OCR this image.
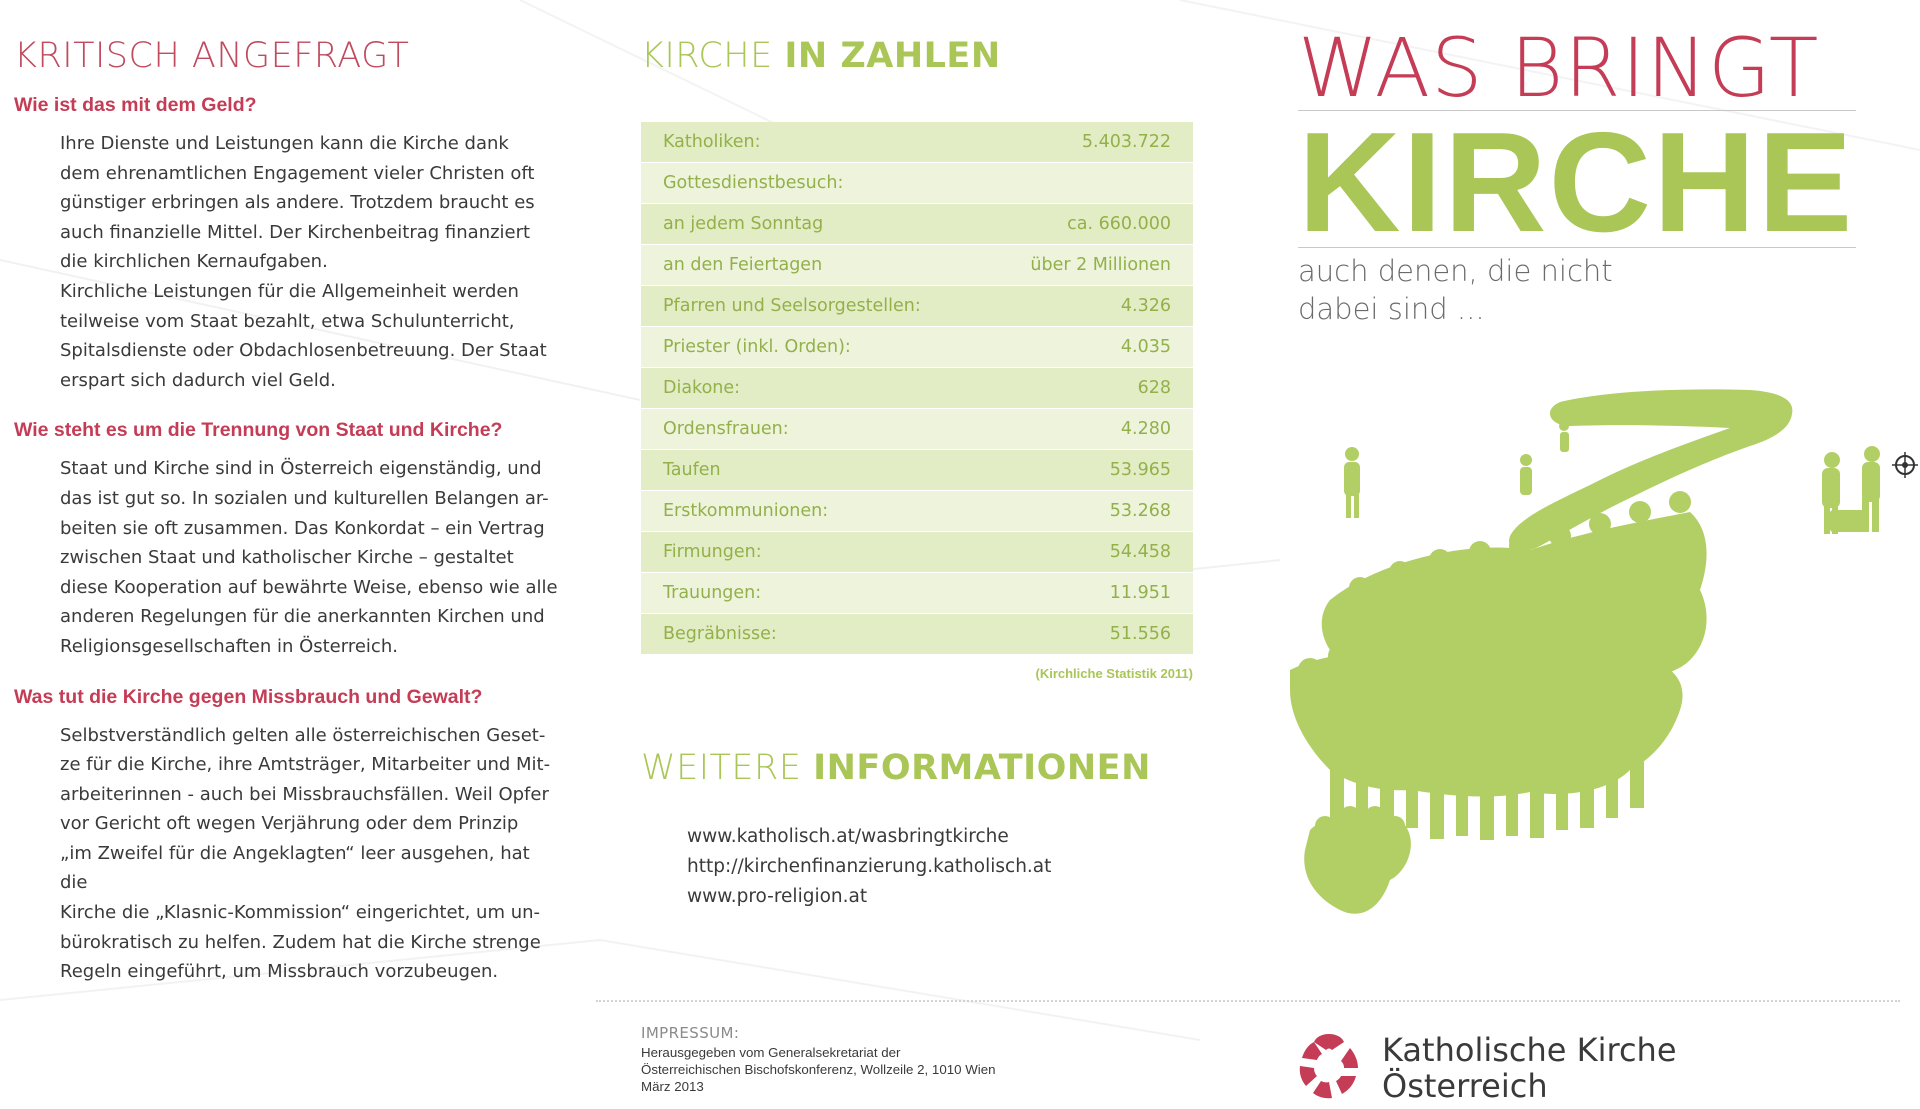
KRITISCH ANGEFRAGT
Wie ist das mit dem Geld?

Ihre Dienste und Leistungen kann die Kirche dank

dem ehrenamtlichen Engagement vieler Christen oft

günstiger erbringen als andere. Trotzdem braucht es

auch finanzielle Mittel. Der Kirchenbeitrag finanziert

die kirchlichen Kernaufgaben.

Kirchliche Leistungen für die Allgemeinheit werden

teilweise vom Staat bezahlt, etwa Schulunterricht,

Spitalsdienste oder Obdachlosenbetreuung. Der Staat

erspart sich dadurch viel Geld.

Wie steht es um die Trennung von Staat und Kirche?

Staat und Kirche sind in Österreich eigenständig, und

das ist gut so. In sozialen und kulturellen Belangen ar-

beiten sie oft zusammen. Das Konkordat – ein Vertrag

zwischen Staat und katholischer Kirche – gestaltet

diese Kooperation auf bewährte Weise, ebenso wie alle

anderen Regelungen für die anerkannten Kirchen und

Religionsgesellschaften in Österreich.

Was tut die Kirche gegen Missbrauch und Gewalt?

Selbstverständlich gelten alle österreichischen Geset-

ze für die Kirche, ihre Amtsträger, Mitarbeiter und Mit-

arbeiterinnen - auch bei Missbrauchsfällen. Weil Opfer

vor Gericht oft wegen Verjährung oder dem Prinzip

„im Zweifel für die Angeklagten“ leer ausgehen, hat die

Kirche die „Klasnic-Kommission“ eingerichtet, um un-

bürokratisch zu helfen. Zudem hat die Kirche strenge

Regeln eingeführt, um Missbrauch vorzubeugen.

KIRCHE IN ZAHLEN
Katholiken:	5.403.722
Gottesdienstbesuch:	
an jedem Sonntag	ca. 660.000
an den Feiertagen	über 2 Millionen
Pfarren und Seelsorgestellen:	4.326
Priester (inkl. Orden):	4.035
Diakone:	628
Ordensfrauen:	4.280
Taufen	53.965
Erstkommunionen:	53.268
Firmungen:	54.458
Trauungen:	11.951
Begräbnisse:	51.556
(Kirchliche Statistik 2011)
WEITERE INFORMATIONEN
www.katholisch.at/wasbringtkirche
http://kirchenfinanzierung.katholisch.at
www.pro-religion.at
IMPRESSUM:
Herausgegeben vom Generalsekretariat der
Österreichischen Bischofskonferenz, Wollzeile 2, 1010 Wien
März 2013
WAS BRINGT
KIRCHE
auch denen, die nicht
dabei sind ...
Katholische Kirche
Österreich
